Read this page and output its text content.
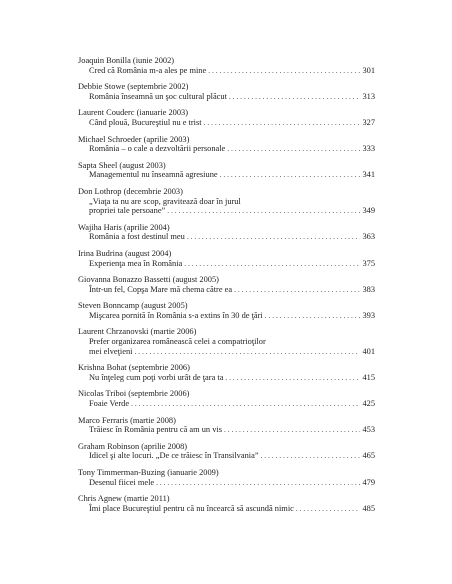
Joaquin Bonilla (iunie 2002)
Cred că România m-a ales pe mine . . .	301
Debbie Stowe (septembrie 2002)
România înseamnă un şoc cultural plăcut . . .	313
Laurent Couderc (ianuarie 2003)
Când plouă, Bucureştiul nu e trist . . .	327
Michael Schroeder (aprilie 2003)
România – o cale a dezvoltării personale . . .	333
Sapta Sheel (august 2003)
Managementul nu înseamnă agresiune . . .	341
Don Lothrop (decembrie 2003)
„Viaţa ta nu are scop, gravitează doar în jurul
propriei tale persoane” . . .	349
Wajiha Haris (aprilie 2004)
România a fost destinul meu . . .	363
Irina Budrina (august 2004)
Experienţa mea în România . . .	375
Giovanna Bonazzo Bassetti (august 2005)
Într-un fel, Copşa Mare mă chema către ea . . .	383
Steven Bonncamp (august 2005)
Mişcarea pornită în România s-a extins în 30 de ţări . . .	393
Laurent Chrzanovski (martie 2006)
Prefer organizarea românească celei a compatrioţilor
mei elveţieni . . .	401
Krishna Bohat (septembrie 2006)
Nu înţeleg cum poţi vorbi urât de ţara ta . . .	415
Nicolas Triboi (septembrie 2006)
Foaie Verde . . .	425
Marco Ferraris (martie 2008)
Trăiesc în România pentru că am un vis . . .	453
Graham Robinson (aprilie 2008)
Idicel şi alte locuri. „De ce trăiesc în Transilvania” . . .	465
Tony Timmerman-Buzing (ianuarie 2009)
Desenul fiicei mele . . .	479
Chris Agnew (martie 2011)
Îmi place Bucureştiul pentru că nu încearcă să ascundă nimic . . .	485
